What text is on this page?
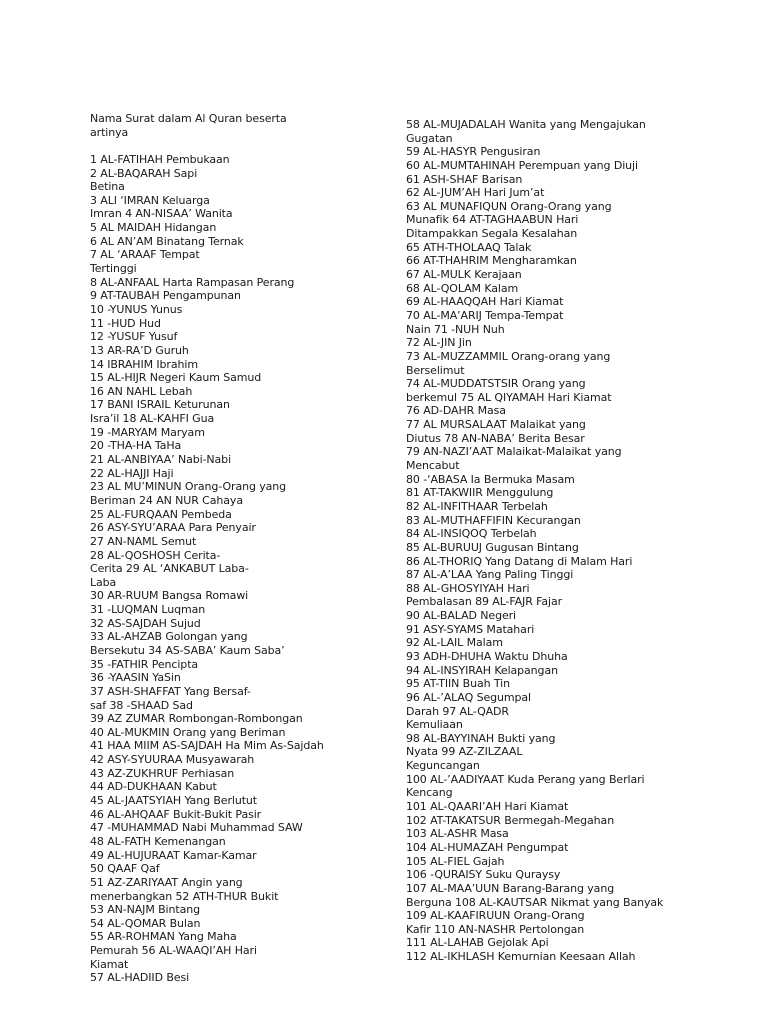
Nama Surat dalam Al Quran beserta
artinya
1 AL-FATIHAH Pembukaan
2 AL-BAQARAH Sapi
Betina
3 ALI ‘IMRAN Keluarga
Imran 4 AN-NISAA’ Wanita
5 AL MAIDAH Hidangan
6 AL AN’AM Binatang Ternak
7 AL ‘ARAAF Tempat
Tertinggi
8 AL-ANFAAL Harta Rampasan Perang
9 AT-TAUBAH Pengampunan
10 -YUNUS Yunus
11 -HUD Hud
12 -YUSUF Yusuf
13 AR-RA’D Guruh
14 IBRAHIM Ibrahim
15 AL-HIJR Negeri Kaum Samud
16 AN NAHL Lebah
17 BANI ISRAIL Keturunan
Isra’il 18 AL-KAHFI Gua
19 -MARYAM Maryam
20 -THA-HA TaHa
21 AL-ANBIYAA’ Nabi-Nabi
22 AL-HAJJI Haji
23 AL MU’MINUN Orang-Orang yang
Beriman 24 AN NUR Cahaya
25 AL-FURQAAN Pembeda
26 ASY-SYU’ARAA Para Penyair
27 AN-NAML Semut
28 AL-QOSHOSH Cerita-
Cerita 29 AL ‘ANKABUT Laba-
Laba
30 AR-RUUM Bangsa Romawi
31 -LUQMAN Luqman
32 AS-SAJDAH Sujud
33 AL-AHZAB Golongan yang
Bersekutu 34 AS-SABA’ Kaum Saba’
35 -FATHIR Pencipta
36 -YAASIN YaSin
37 ASH-SHAFFAT Yang Bersaf-
saf 38 -SHAAD Sad
39 AZ ZUMAR Rombongan-Rombongan
40 AL-MUKMIN Orang yang Beriman
41 HAA MIIM AS-SAJDAH Ha Mim As-Sajdah
42 ASY-SYUURAA Musyawarah
43 AZ-ZUKHRUF Perhiasan
44 AD-DUKHAAN Kabut
45 AL-JAATSYIAH Yang Berlutut
46 AL-AHQAAF Bukit-Bukit Pasir
47 -MUHAMMAD Nabi Muhammad SAW
48 AL-FATH Kemenangan
49 AL-HUJURAAT Kamar-Kamar
50 QAAF Qaf
51 AZ-ZARIYAAT Angin yang
menerbangkan 52 ATH-THUR Bukit
53 AN-NAJM Bintang
54 AL-QOMAR Bulan
55 AR-ROHMAN Yang Maha
Pemurah 56 AL-WAAQI’AH Hari
Kiamat
57 AL-HADIID Besi
58 AL-MUJADALAH Wanita yang Mengajukan
Gugatan
59 AL-HASYR Pengusiran
60 AL-MUMTAHINAH Perempuan yang Diuji
61 ASH-SHAF Barisan
62 AL-JUM’AH Hari Jum’at
63 AL MUNAFIQUN Orang-Orang yang
Munafik 64 AT-TAGHAABUN Hari
Ditampakkan Segala Kesalahan
65 ATH-THOLAAQ Talak
66 AT-THAHRIM Mengharamkan
67 AL-MULK Kerajaan
68 AL-QOLAM Kalam
69 AL-HAAQQAH Hari Kiamat
70 AL-MA’ARIJ Tempa-Tempat
Nain 71 -NUH Nuh
72 AL-JIN Jin
73 AL-MUZZAMMIL Orang-orang yang
Berselimut
74 AL-MUDDATSTSIR Orang yang
berkemul 75 AL QIYAMAH Hari Kiamat
76 AD-DAHR Masa
77 AL MURSALAAT Malaikat yang
Diutus 78 AN-NABA’ Berita Besar
79 AN-NAZI’AAT Malaikat-Malaikat yang
Mencabut
80 -‘ABASA Ia Bermuka Masam
81 AT-TAKWIIR Menggulung
82 AL-INFITHAAR Terbelah
83 AL-MUTHAFFIFIN Kecurangan
84 AL-INSIQOQ Terbelah
85 AL-BURUUJ Gugusan Bintang
86 AL-THORIQ Yang Datang di Malam Hari
87 AL-A’LAA Yang Paling Tinggi
88 AL-GHOSYIYAH Hari
Pembalasan 89 AL-FAJR Fajar
90 AL-BALAD Negeri
91 ASY-SYAMS Matahari
92 AL-LAIL Malam
93 ADH-DHUHA Waktu Dhuha
94 AL-INSYIRAH Kelapangan
95 AT-TIIN Buah Tin
96 AL-’ALAQ Segumpal
Darah 97 AL-QADR
Kemuliaan
98 AL-BAYYINAH Bukti yang
Nyata 99 AZ-ZILZAAL
Keguncangan
100 AL-’AADIYAAT Kuda Perang yang Berlari
Kencang
101 AL-QAARI’AH Hari Kiamat
102 AT-TAKATSUR Bermegah-Megahan
103 AL-ASHR Masa
104 AL-HUMAZAH Pengumpat
105 AL-FIEL Gajah
106 -QURAISY Suku Quraysy
107 AL-MAA’UUN Barang-Barang yang
Berguna 108 AL-KAUTSAR Nikmat yang Banyak
109 AL-KAAFIRUUN Orang-Orang
Kafir 110 AN-NASHR Pertolongan
111 AL-LAHAB Gejolak Api
112 AL-IKHLASH Kemurnian Keesaan Allah
